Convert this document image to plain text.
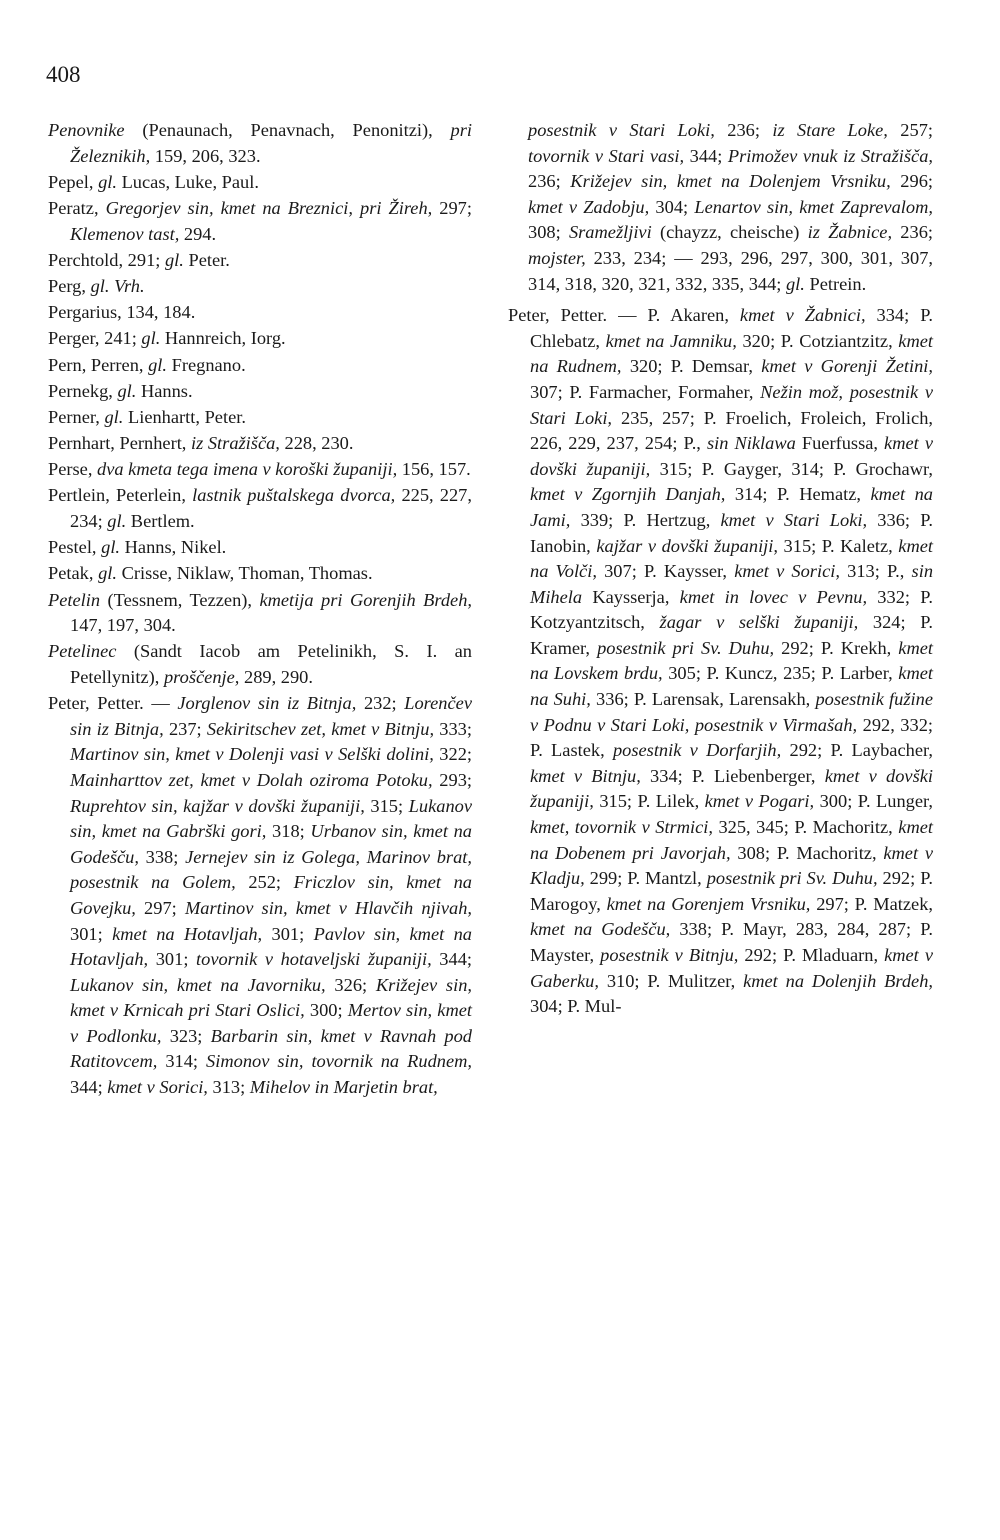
408

Penovnike (Penaunach, Penavnach, Penonitzi), pri Železnikih, 159, 206, 323.

Pepel, gl. Lucas, Luke, Paul.

Peratz, Gregorjev sin, kmet na Breznici, pri Žireh, 297; Klemenov tast, 294.

Perchtold, 291; gl. Peter.

Perg, gl. Vrh.

Pergarius, 134, 184.

Perger, 241; gl. Hannreich, Iorg.

Pern, Perren, gl. Fregnano.

Pernekg, gl. Hanns.

Perner, gl. Lienhartt, Peter.

Pernhart, Pernhert, iz Stražišča, 228, 230.

Perse, dva kmeta tega imena v koroški županiji, 156, 157.

Pertlein, Peterlein, lastnik puštalskega dvorca, 225, 227, 234; gl. Bertlem.

Pestel, gl. Hanns, Nikel.

Petak, gl. Crisse, Niklaw, Thoman, Thomas.

Petelin (Tessnem, Tezzen), kmetija pri Gorenjih Brdeh, 147, 197, 304.

Petelinec (Sandt Iacob am Petelinikh, S. I. an Petellynitz), proščenje, 289, 290.

Peter, Petter. — Jorglenov sin iz Bitnja, 232; Lorenčev sin iz Bitnja, 237; Sekiritschev zet, kmet v Bitnju, 333; Martinov sin, kmet v Dolenji vasi v Selški dolini, 322; Mainharttov zet, kmet v Dolah oziroma Potoku, 293; Ruprehtov sin, kajžar v dovški županiji, 315; Lukanov sin, kmet na Gabrški gori, 318; Urbanov sin, kmet na Godešču, 338; Jernejev sin iz Golega, Marinov brat, posestnik na Golem, 252; Friczlov sin, kmet na Govejku, 297; Martinov sin, kmet v Hlavčih njivah, 301; kmet na Hotavljah, 301; Pavlov sin, kmet na Hotavljah, 301; tovornik v hotaveljski županiji, 344; Lukanov sin, kmet na Javorniku, 326; Križejev sin, kmet v Krnicah pri Stari Oslici, 300; Mertov sin, kmet v Podlonku, 323; Barbarin sin, kmet v Ravnah pod Ratitovcem, 314; Simonov sin, tovornik na Rudnem, 344; kmet v Sorici, 313; Mihelov in Marjetin brat,

posestnik v Stari Loki, 236; iz Stare Loke, 257; tovornik v Stari vasi, 344; Primožev vnuk iz Stražišča, 236; Križejev sin, kmet na Dolenjem Vrsniku, 296; kmet v Zadobju, 304; Lenartov sin, kmet Zaprevalom, 308; Sramežljivi (chayzz, cheische) iz Žabnice, 236; mojster, 233, 234; — 293, 296, 297, 300, 301, 307, 314, 318, 320, 321, 332, 335, 344; gl. Petrein.

Peter, Petter. — P. Akaren, kmet v Žabnici, 334; P. Chlebatz, kmet na Jamniku, 320; P. Cotziantzitz, kmet na Rudnem, 320; P. Demsar, kmet v Gorenji Žetini, 307; P. Farmacher, Formaher, Nežin mož, posestnik v Stari Loki, 235, 257; P. Froelich, Froleich, Frolich, 226, 229, 237, 254; P., sin Niklawa Fuerfussa, kmet v dovški županiji, 315; P. Gayger, 314; P. Grochawr, kmet v Zgornjih Danjah, 314; P. Hematz, kmet na Jami, 339; P. Hertzug, kmet v Stari Loki, 336; P. Ianobin, kajžar v dovški županiji, 315; P. Kaletz, kmet na Volči, 307; P. Kaysser, kmet v Sorici, 313; P., sin Mihela Kaysserja, kmet in lovec v Pevnu, 332; P. Kotzyantzitsch, žagar v selški županiji, 324; P. Kramer, posestnik pri Sv. Duhu, 292; P. Krekh, kmet na Lovskem brdu, 305; P. Kuncz, 235; P. Larber, kmet na Suhi, 336; P. Larensak, Larensakh, posestnik fužine v Podnu v Stari Loki, posestnik v Virmašah, 292, 332; P. Lastek, posestnik v Dorfarjih, 292; P. Laybacher, kmet v Bitnju, 334; P. Liebenberger, kmet v dovški županiji, 315; P. Lilek, kmet v Pogari, 300; P. Lunger, kmet, tovornik v Strmici, 325, 345; P. Machoritz, kmet na Dobenem pri Javorjah, 308; P. Machoritz, kmet v Kladju, 299; P. Mantzl, posestnik pri Sv. Duhu, 292; P. Marogoy, kmet na Gorenjem Vrsniku, 297; P. Matzek, kmet na Godešču, 338; P. Mayr, 283, 284, 287; P. Mayster, posestnik v Bitnju, 292; P. Mladuarn, kmet v Gaberku, 310; P. Mulitzer, kmet na Dolenjih Brdeh, 304; P. Mul-
